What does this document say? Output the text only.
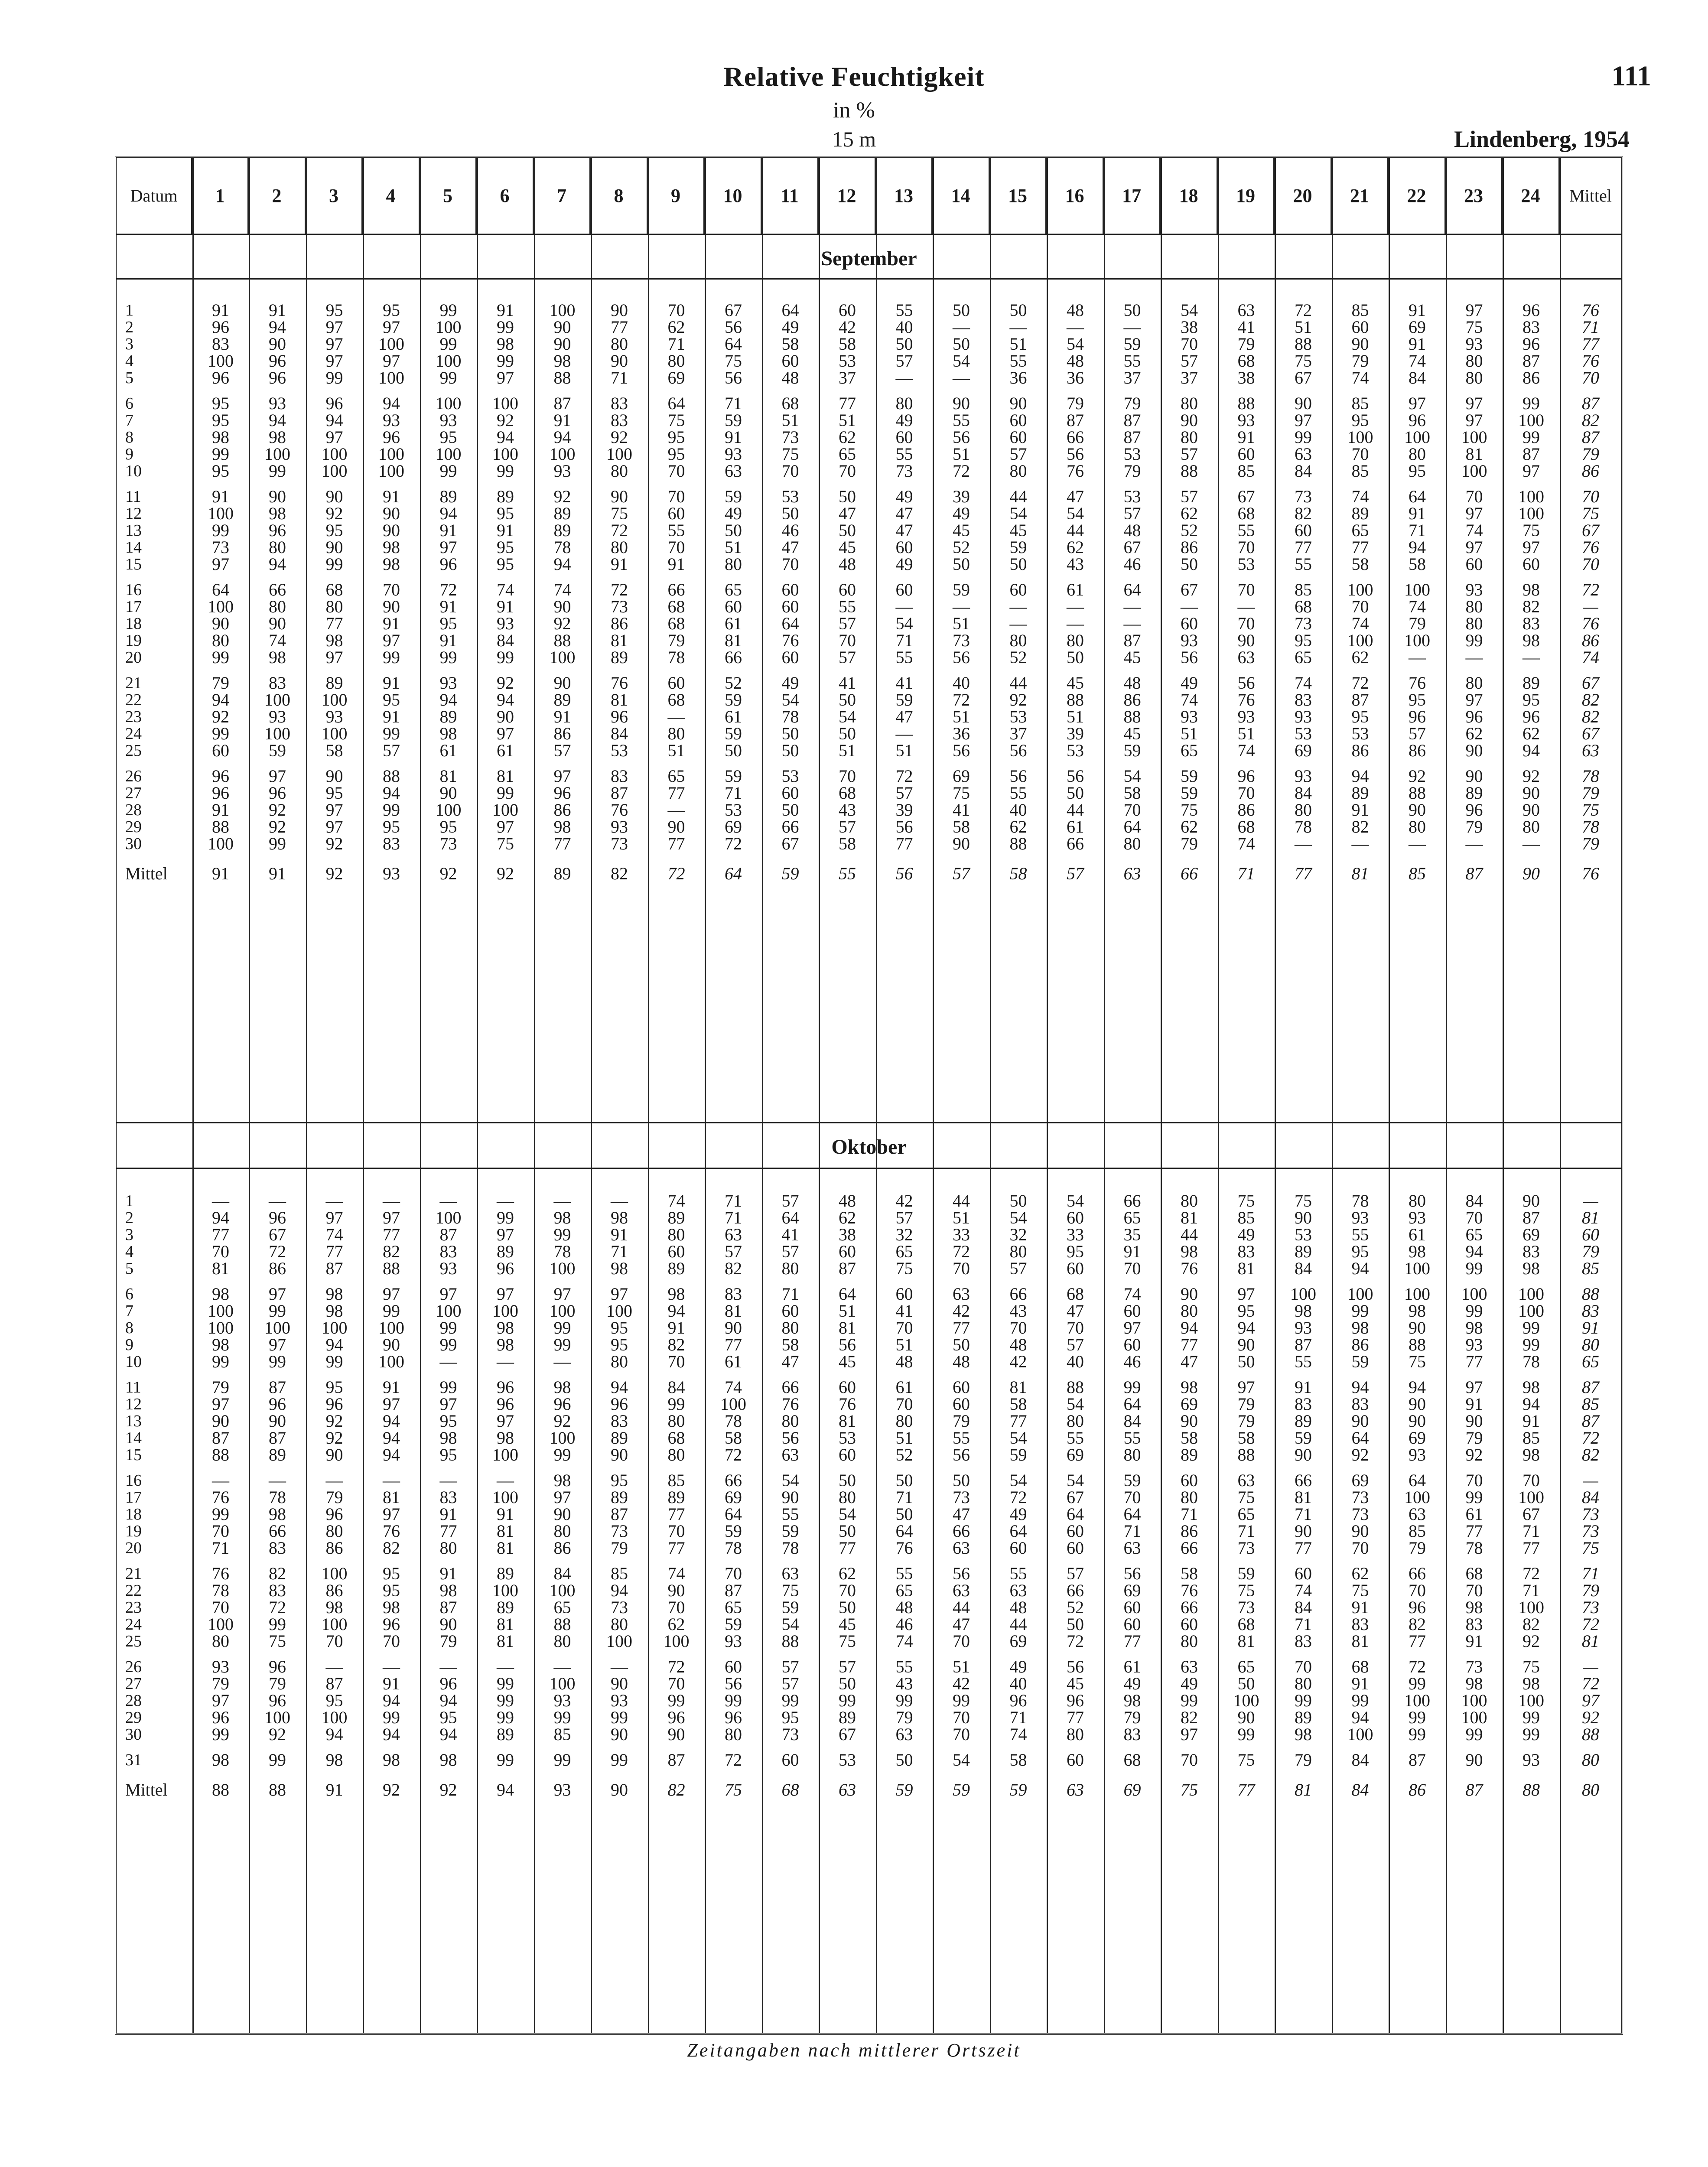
Relative Feuchtigkeit	111
in %
15 m	Lindenberg, 1954
Datum	1	2	3	4	5	6	7	8	9	10	11	12	13	14	15	16	17	18	19	20	21	22	23	24	Mittel
September
1	91	91	95	95	99	91	100	90	70	67	64	60	55	50	50	48	50	54	63	72	85	91	97	96	76
2	96	94	97	97	100	99	90	77	62	56	49	42	40	—	—	—	—	38	41	51	60	69	75	83	71
3	83	90	97	100	99	98	90	80	71	64	58	58	50	50	51	54	59	70	79	88	90	91	93	96	77
4	100	96	97	97	100	99	98	90	80	75	60	53	57	54	55	48	55	57	68	75	79	74	80	87	76
5	96	96	99	100	99	97	88	71	69	56	48	37	—	—	36	36	37	37	38	67	74	84	80	86	70
6	95	93	96	94	100	100	87	83	64	71	68	77	80	90	90	79	79	80	88	90	85	97	97	99	87
7	95	94	94	93	93	92	91	83	75	59	51	51	49	55	60	87	87	90	93	97	95	96	97	100	82
8	98	98	97	96	95	94	94	92	95	91	73	62	60	56	60	66	87	80	91	99	100	100	100	99	87
9	99	100	100	100	100	100	100	100	95	93	75	65	55	51	57	56	53	57	60	63	70	80	81	87	79
10	95	99	100	100	99	99	93	80	70	63	70	70	73	72	80	76	79	88	85	84	85	95	100	97	86
11	91	90	90	91	89	89	92	90	70	59	53	50	49	39	44	47	53	57	67	73	74	64	70	100	70
12	100	98	92	90	94	95	89	75	60	49	50	47	47	49	54	54	57	62	68	82	89	91	97	100	75
13	99	96	95	90	91	91	89	72	55	50	46	50	47	45	45	44	48	52	55	60	65	71	74	75	67
14	73	80	90	98	97	95	78	80	70	51	47	45	60	52	59	62	67	86	70	77	77	94	97	97	76
15	97	94	99	98	96	95	94	91	91	80	70	48	49	50	50	43	46	50	53	55	58	58	60	60	70
16	64	66	68	70	72	74	74	72	66	65	60	60	60	59	60	61	64	67	70	85	100	100	93	98	72
17	100	80	80	90	91	91	90	73	68	60	60	55	—	—	—	—	—	—	—	68	70	74	80	82	—
18	90	90	77	91	95	93	92	86	68	61	64	57	54	51	—	—	—	60	70	73	74	79	80	83	76
19	80	74	98	97	91	84	88	81	79	81	76	70	71	73	80	80	87	93	90	95	100	100	99	98	86
20	99	98	97	99	99	99	100	89	78	66	60	57	55	56	52	50	45	56	63	65	62	—	—	—	74
21	79	83	89	91	93	92	90	76	60	52	49	41	41	40	44	45	48	49	56	74	72	76	80	89	67
22	94	100	100	95	94	94	89	81	68	59	54	50	59	72	92	88	86	74	76	83	87	95	97	95	82
23	92	93	93	91	89	90	91	96	—	61	78	54	47	51	53	51	88	93	93	93	95	96	96	96	82
24	99	100	100	99	98	97	86	84	80	59	50	50	—	36	37	39	45	51	51	53	53	57	62	62	67
25	60	59	58	57	61	61	57	53	51	50	50	51	51	56	56	53	59	65	74	69	86	86	90	94	63
26	96	97	90	88	81	81	97	83	65	59	53	70	72	69	56	56	54	59	96	93	94	92	90	92	78
27	96	96	95	94	90	99	96	87	77	71	60	68	57	75	55	50	58	59	70	84	89	88	89	90	79
28	91	92	97	99	100	100	86	76	—	53	50	43	39	41	40	44	70	75	86	80	91	90	96	90	75
29	88	92	97	95	95	97	98	93	90	69	66	57	56	58	62	61	64	62	68	78	82	80	79	80	78
30	100	99	92	83	73	75	77	73	77	72	67	58	77	90	88	66	80	79	74	—	—	—	—	—	79
Mittel	91	91	92	93	92	92	89	82	72	64	59	55	56	57	58	57	63	66	71	77	81	85	87	90	76
Oktober
1	—	—	—	—	—	—	—	—	74	71	57	48	42	44	50	54	66	80	75	75	78	80	84	90	—
2	94	96	97	97	100	99	98	98	89	71	64	62	57	51	54	60	65	81	85	90	93	93	70	87	81
3	77	67	74	77	87	97	99	91	80	63	41	38	32	33	32	33	35	44	49	53	55	61	65	69	60
4	70	72	77	82	83	89	78	71	60	57	57	60	65	72	80	95	91	98	83	89	95	98	94	83	79
5	81	86	87	88	93	96	100	98	89	82	80	87	75	70	57	60	70	76	81	84	94	100	99	98	85
6	98	97	98	97	97	97	97	97	98	83	71	64	60	63	66	68	74	90	97	100	100	100	100	100	88
7	100	99	98	99	100	100	100	100	94	81	60	51	41	42	43	47	60	80	95	98	99	98	99	100	83
8	100	100	100	100	99	98	99	95	91	90	80	81	70	77	70	70	97	94	94	93	98	90	98	99	91
9	98	97	94	90	99	98	99	95	82	77	58	56	51	50	48	57	60	77	90	87	86	88	93	99	80
10	99	99	99	100	—	—	—	80	70	61	47	45	48	48	42	40	46	47	50	55	59	75	77	78	65
11	79	87	95	91	99	96	98	94	84	74	66	60	61	60	81	88	99	98	97	91	94	94	97	98	87
12	97	96	96	97	97	96	96	96	99	100	76	76	70	60	58	54	64	69	79	83	83	90	91	94	85
13	90	90	92	94	95	97	92	83	80	78	80	81	80	79	77	80	84	90	79	89	90	90	90	91	87
14	87	87	92	94	98	98	100	89	68	58	56	53	51	55	54	55	55	58	58	59	64	69	79	85	72
15	88	89	90	94	95	100	99	90	80	72	63	60	52	56	59	69	80	89	88	90	92	93	92	98	82
16	—	—	—	—	—	—	98	95	85	66	54	50	50	50	54	54	59	60	63	66	69	64	70	70	—
17	76	78	79	81	83	100	97	89	89	69	90	80	71	73	72	67	70	80	75	81	73	100	99	100	84
18	99	98	96	97	91	91	90	87	77	64	55	54	50	47	49	64	64	71	65	71	73	63	61	67	73
19	70	66	80	76	77	81	80	73	70	59	59	50	64	66	64	60	71	86	71	90	90	85	77	71	73
20	71	83	86	82	80	81	86	79	77	78	78	77	76	63	60	60	63	66	73	77	70	79	78	77	75
21	76	82	100	95	91	89	84	85	74	70	63	62	55	56	55	57	56	58	59	60	62	66	68	72	71
22	78	83	86	95	98	100	100	94	90	87	75	70	65	63	63	66	69	76	75	74	75	70	70	71	79
23	70	72	98	98	87	89	65	73	70	65	59	50	48	44	48	52	60	66	73	84	91	96	98	100	73
24	100	99	100	96	90	81	88	80	62	59	54	45	46	47	44	50	60	60	68	71	83	82	83	82	72
25	80	75	70	70	79	81	80	100	100	93	88	75	74	70	69	72	77	80	81	83	81	77	91	92	81
26	93	96	—	—	—	—	—	—	72	60	57	57	55	51	49	56	61	63	65	70	68	72	73	75	—
27	79	79	87	91	96	99	100	90	70	56	57	50	43	42	40	45	49	49	50	80	91	99	98	98	72
28	97	96	95	94	94	99	93	93	99	99	99	99	99	99	96	96	98	99	100	99	99	100	100	100	97
29	96	100	100	99	95	99	99	99	96	96	95	89	79	70	71	77	79	82	90	89	94	99	100	99	92
30	99	92	94	94	94	89	85	90	90	80	73	67	63	70	74	80	83	97	99	98	100	99	99	99	88
31	98	99	98	98	98	99	99	99	87	72	60	53	50	54	58	60	68	70	75	79	84	87	90	93	80
Mittel	88	88	91	92	92	94	93	90	82	75	68	63	59	59	59	63	69	75	77	81	84	86	87	88	80
Zeitangaben nach mittlerer Ortszeit
